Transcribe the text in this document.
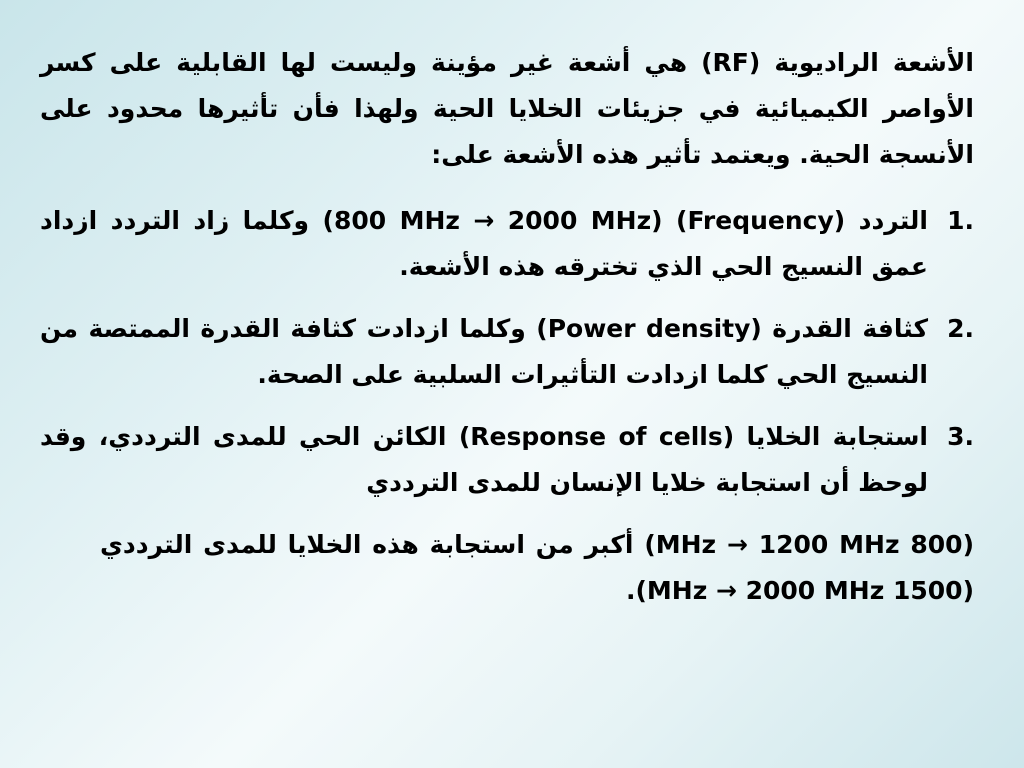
الأشعة الراديوية (RF) هي أشعة غير مؤينة وليست لها القابلية على كسر الأواصر الكيميائية في جزيئات الخلايا الحية ولهذا فأن تأثيرها محدود على الأنسجة الحية. ويعتمد تأثير هذه الأشعة على:

1.
التردد (Frequency) (800 MHz → 2000 MHz) وكلما زاد التردد ازداد عمق النسيج الحي الذي تخترقه هذه الأشعة.
2.
كثافة القدرة (Power density) وكلما ازدادت كثافة القدرة الممتصة من النسيج الحي كلما ازدادت التأثيرات السلبية على الصحة.
3.
استجابة الخلايا (Response of cells) الكائن الحي للمدى الترددي، وقد لوحظ أن استجابة خلايا الإنسان للمدى الترددي

(800 MHz → 1200 MHz) أكبر من استجابة هذه الخلايا للمدى الترددي (1500 MHz → 2000 MHz).
